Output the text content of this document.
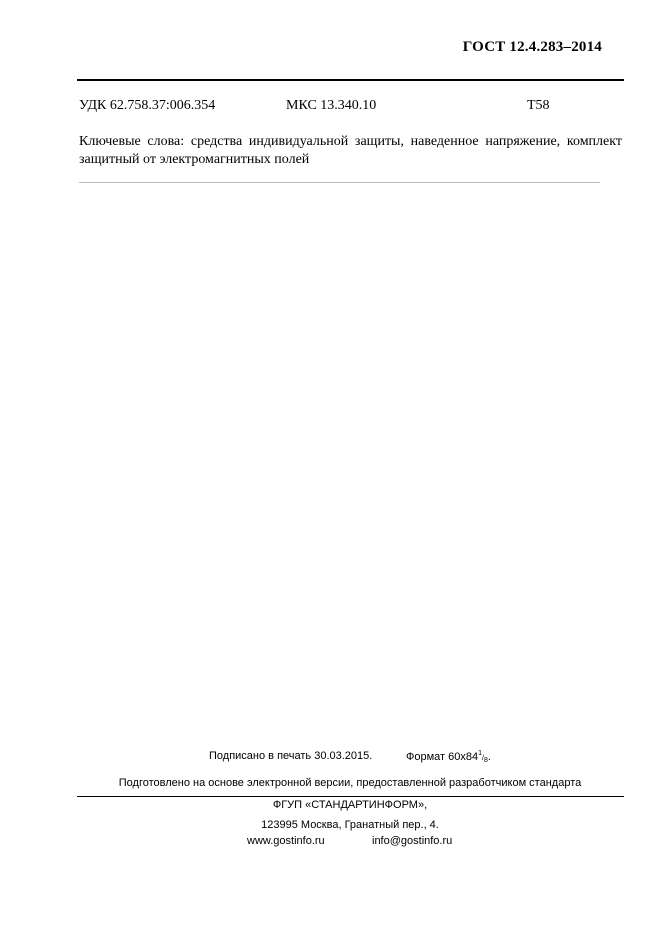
ГОСТ 12.4.283–2014
УДК 62.758.37:006.354	МКС 13.340.10	Т58
Ключевые слова: средства индивидуальной защиты, наведенное напряжение, комплект защитный от электромагнитных полей
Подписано в печать 30.03.2015.	Формат $60x84^1/_8$.
Подготовлено на основе электронной версии, предоставленной разработчиком стандарта
ФГУП «СТАНДАРТИНФОРМ»,
123995 Москва, Гранатный пер., 4.
www.gostinfo.ru	info@gostinfo.ru
